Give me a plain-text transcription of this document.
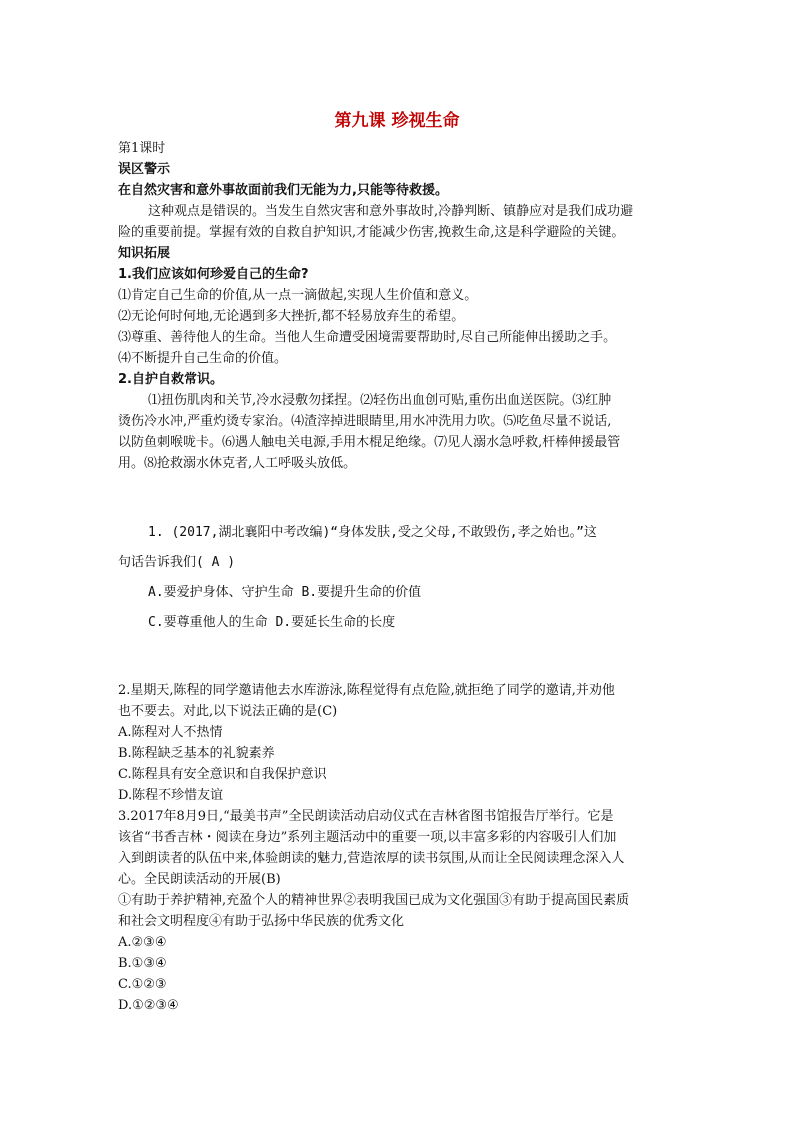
第九课 珍视生命
第1课时
误区警示
在自然灾害和意外事故面前我们无能为力,只能等待救援。
这种观点是错误的。当发生自然灾害和意外事故时,冷静判断、镇静应对是我们成功避
险的重要前提。掌握有效的自救自护知识,才能减少伤害,挽救生命,这是科学避险的关键。
知识拓展
1.我们应该如何珍爱自己的生命?
⑴肯定自己生命的价值,从一点一滴做起,实现人生价值和意义。
⑵无论何时何地,无论遇到多大挫折,都不轻易放弃生的希望。
⑶尊重、善待他人的生命。当他人生命遭受困境需要帮助时,尽自己所能伸出援助之手。
⑷不断提升自己生命的价值。
2.自护自救常识。
⑴扭伤肌肉和关节,冷水浸敷勿揉捏。⑵轻伤出血创可贴,重伤出血送医院。⑶红肿
烫伤冷水冲,严重灼烫专家治。⑷渣滓掉进眼睛里,用水冲洗用力吹。⑸吃鱼尽量不说话,
以防鱼刺喉咙卡。⑹遇人触电关电源,手用木棍足绝缘。⑺见人溺水急呼救,杆棒伸援最管
用。⑻抢救溺水休克者,人工呼吸头放低。
1. (2017,湖北襄阳中考改编)“身体发肤,受之父母,不敢毁伤,孝之始也。”这
句话告诉我们( A )
A.要爱护身体、守护生命 B.要提升生命的价值
C.要尊重他人的生命 D.要延长生命的长度
2.星期天,陈程的同学邀请他去水库游泳,陈程觉得有点危险,就拒绝了同学的邀请,并劝他
也不要去。对此,以下说法正确的是(C)
A.陈程对人不热情
B.陈程缺乏基本的礼貌素养
C.陈程具有安全意识和自我保护意识
D.陈程不珍惜友谊
3.2017年8月9日,“最美书声”全民朗读活动启动仪式在吉林省图书馆报告厅举行。它是
该省“书香吉林・阅读在身边”系列主题活动中的重要一项,以丰富多彩的内容吸引人们加
入到朗读者的队伍中来,体验朗读的魅力,营造浓厚的读书氛围,从而让全民阅读理念深入人
心。全民朗读活动的开展(B)
①有助于养护精神,充盈个人的精神世界②表明我国已成为文化强国③有助于提高国民素质
和社会文明程度④有助于弘扬中华民族的优秀文化
A.②③④
B.①③④
C.①②③
D.①②③④
